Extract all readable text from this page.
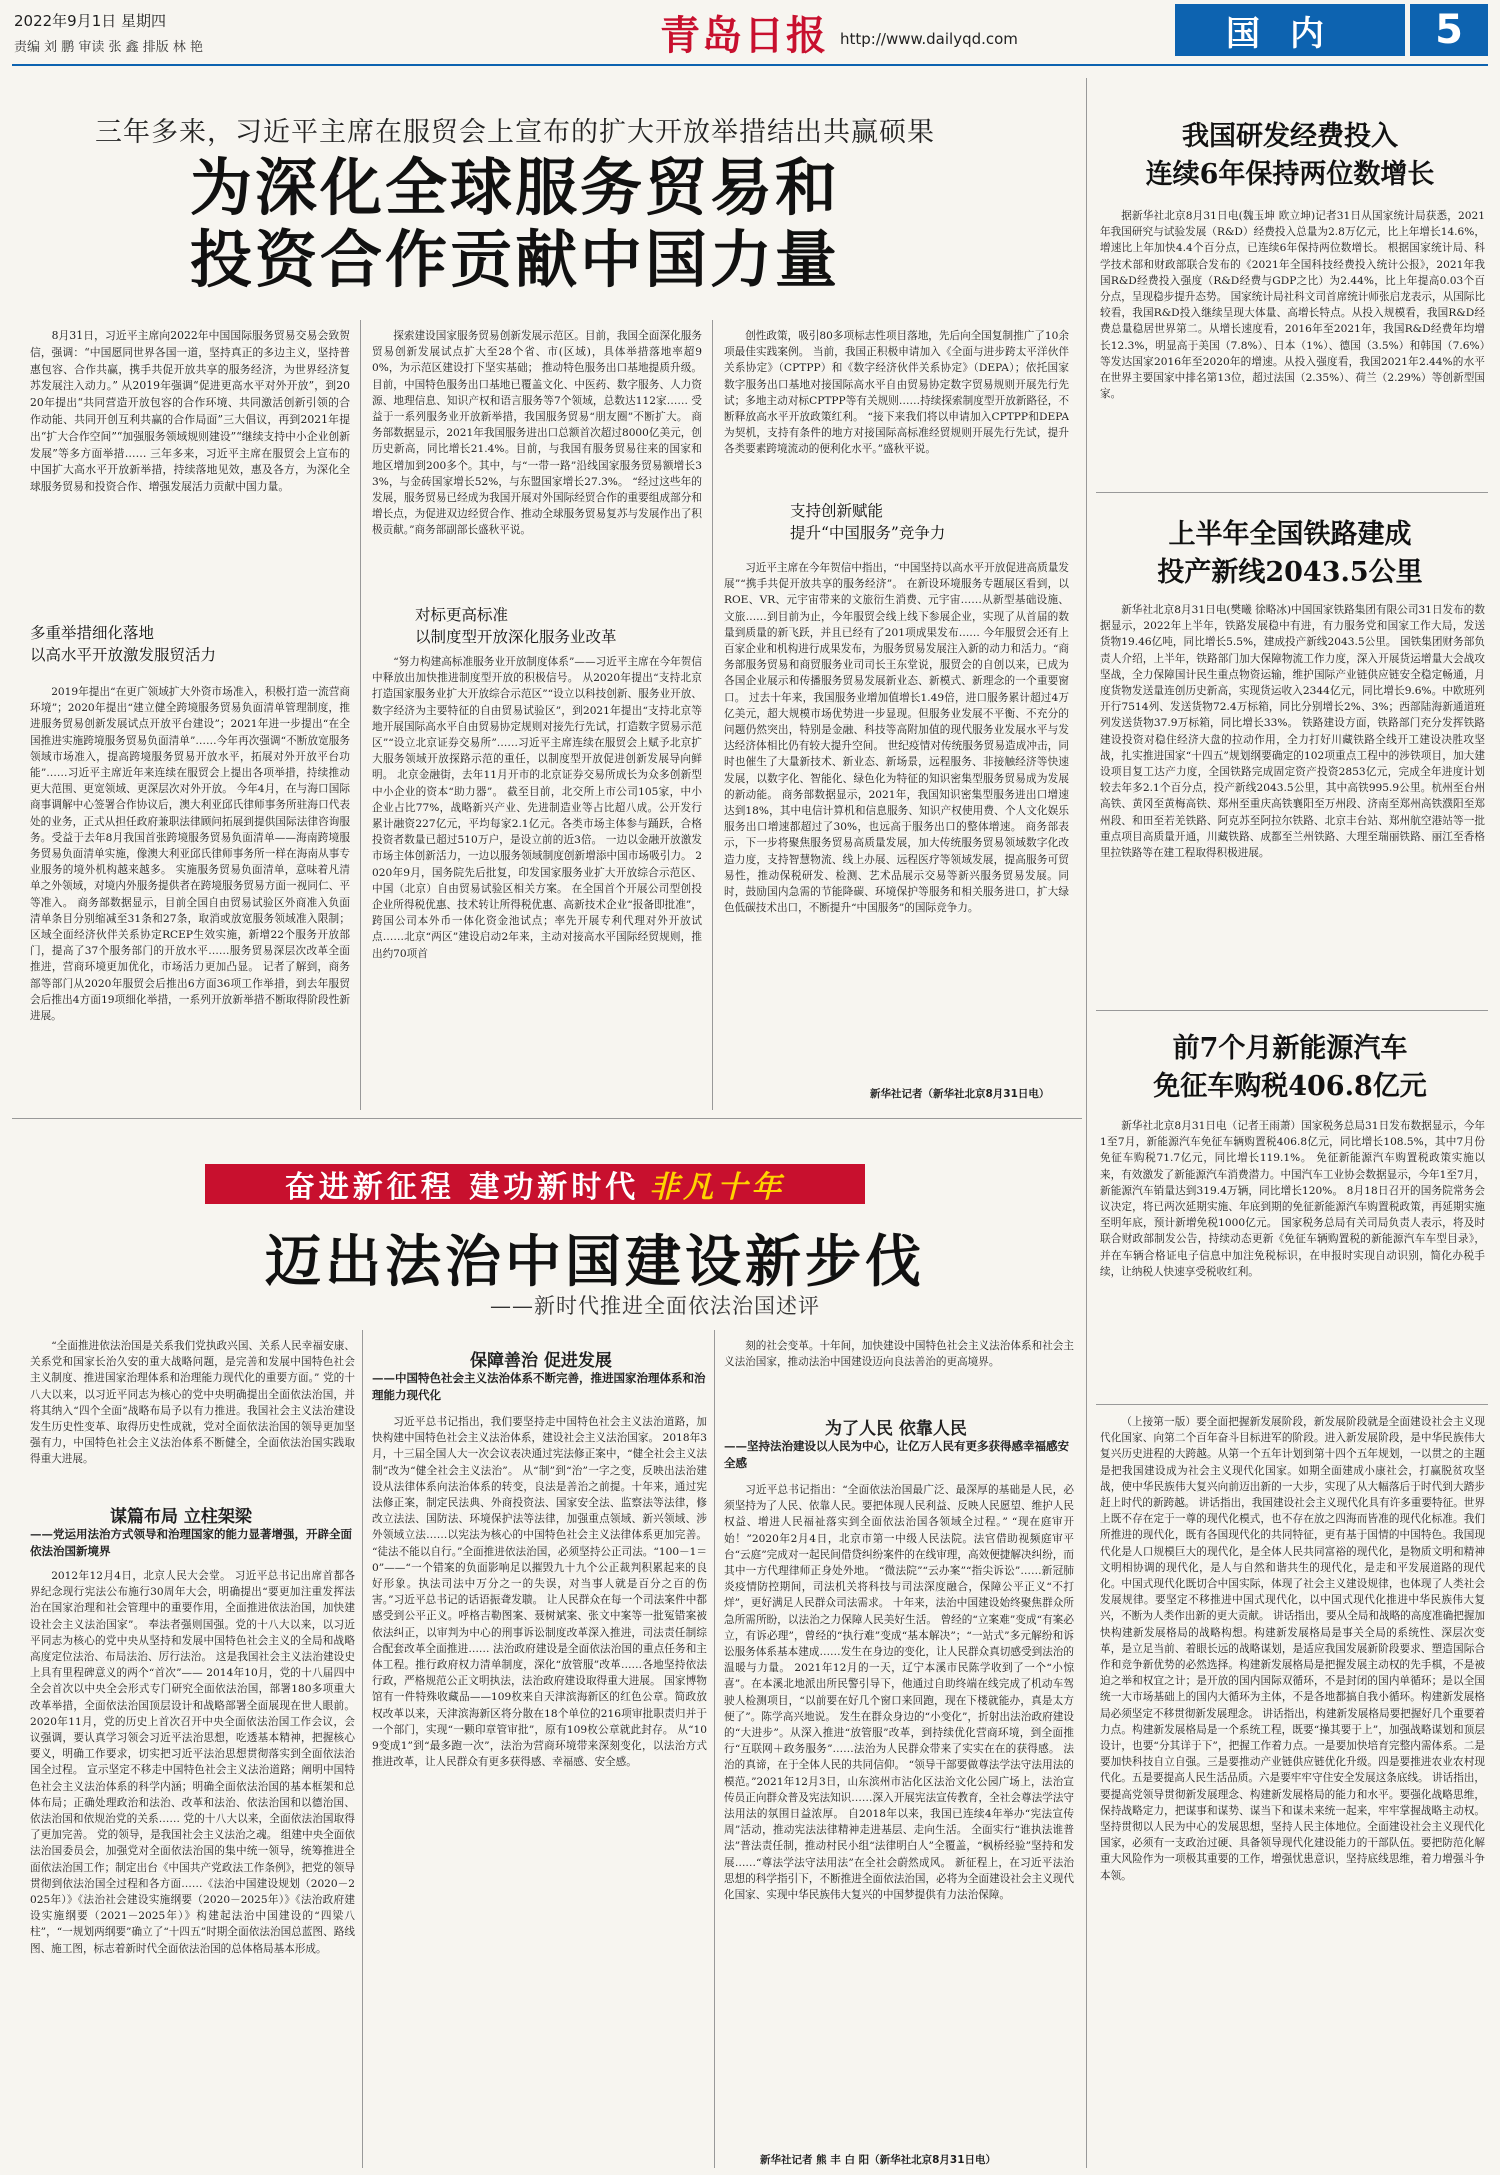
2022年9月1日 星期四
责编 刘 鹏 审读 张 鑫 排版 林 艳	青岛日报 http://www.dailyqd.com	国内	5
三年多来，习近平主席在服贸会上宣布的扩大开放举措结出共赢硕果
为深化全球服务贸易和
投资合作贡献中国力量

8月31日，习近平主席向2022年中国国际服务贸易交易会致贺信，强调：“中国愿同世界各国一道，坚持真正的多边主义，坚持普惠包容、合作共赢，携手共促开放共享的服务经济，为世界经济复苏发展注入动力。” 从2019年强调“促进更高水平对外开放”，到2020年提出“共同营造开放包容的合作环境、共同激活创新引领的合作动能、共同开创互利共赢的合作局面”三大倡议，再到2021年提出“扩大合作空间”“加强服务领域规则建设”“继续支持中小企业创新发展”等多方面举措…… 三年多来，习近平主席在服贸会上宣布的中国扩大高水平开放新举措，持续落地见效，惠及各方，为深化全球服务贸易和投资合作、增强发展活力贡献中国力量。

多重举措细化落地
以高水平开放激发服贸活力

2019年提出“在更广领域扩大外资市场准入，积极打造一流营商环境”；2020年提出“建立健全跨境服务贸易负面清单管理制度，推进服务贸易创新发展试点开放平台建设”；2021年进一步提出“在全国推进实施跨境服务贸易负面清单”……今年再次强调“不断放宽服务领域市场准入，提高跨境服务贸易开放水平，拓展对外开放平台功能”……习近平主席近年来连续在服贸会上提出各项举措，持续推动更大范围、更宽领域、更深层次对外开放。 今年4月，在与海口国际商事调解中心签署合作协议后，澳大利亚邱氏律师事务所驻海口代表处的业务，正式从担任政府兼职法律顾问拓展到提供国际法律咨询服务。受益于去年8月我国首张跨境服务贸易负面清单——海南跨境服务贸易负面清单实施，像澳大利亚邱氏律师事务所一样在海南从事专业服务的境外机构越来越多。 实施服务贸易负面清单，意味着凡清单之外领域，对境内外服务提供者在跨境服务贸易方面一视同仁、平等准入。 商务部数据显示，目前全国自由贸易试验区外商准入负面清单条目分别缩减至31条和27条，取消或放宽服务领域准入限制；区域全面经济伙伴关系协定RCEP生效实施，新增22个服务开放部门，提高了37个服务部门的开放水平……服务贸易深层次改革全面推进，营商环境更加优化，市场活力更加凸显。 记者了解到，商务部等部门从2020年服贸会后推出6方面36项工作举措，到去年服贸会后推出4方面19项细化举措，一系列开放新举措不断取得阶段性新进展。

探索建设国家服务贸易创新发展示范区。目前，我国全面深化服务贸易创新发展试点扩大至28个省、市(区域)，具体举措落地率超90%，为示范区建设打下坚实基础； 推动特色服务出口基地提质升级。目前，中国特色服务出口基地已覆盖文化、中医药、数字服务、人力资源、地理信息、知识产权和语言服务等7个领域，总数达112家…… 受益于一系列服务业开放新举措，我国服务贸易“朋友圈”不断扩大。 商务部数据显示，2021年我国服务进出口总额首次超过8000亿美元，创历史新高，同比增长21.4%。目前，与我国有服务贸易往来的国家和地区增加到200多个。其中，与“一带一路”沿线国家服务贸易额增长33%，与金砖国家增长52%，与东盟国家增长27.3%。 “经过这些年的发展，服务贸易已经成为我国开展对外国际经贸合作的重要组成部分和增长点，为促进双边经贸合作、推动全球服务贸易复苏与发展作出了积极贡献。”商务部副部长盛秋平说。

对标更高标准
以制度型开放深化服务业改革

“努力构建高标准服务业开放制度体系”——习近平主席在今年贺信中释放出加快推进制度型开放的积极信号。 从2020年提出“支持北京打造国家服务业扩大开放综合示范区”“设立以科技创新、服务业开放、数字经济为主要特征的自由贸易试验区”，到2021年提出“支持北京等地开展国际高水平自由贸易协定规则对接先行先试，打造数字贸易示范区”“设立北京证券交易所”……习近平主席连续在服贸会上赋予北京扩大服务领域开放探路示范的重任，以制度型开放促进创新发展导向鲜明。 北京金融街，去年11月开市的北京证券交易所成长为众多创新型中小企业的资本“助力器”。 截至目前，北交所上市公司105家，中小企业占比77%，战略新兴产业、先进制造业等占比超八成。公开发行累计融资227亿元，平均每家2.1亿元。各类市场主体参与踊跃，合格投资者数量已超过510万户，是设立前的近3倍。 一边以金融开放激发市场主体创新活力，一边以服务领域制度创新增添中国市场吸引力。 2020年9月，国务院先后批复，印发国家服务业扩大开放综合示范区、中国（北京）自由贸易试验区相关方案。 在全国首个开展公司型创投企业所得税优惠、技术转让所得税优惠、高新技术企业“报备即批准”，跨国公司本外币一体化资金池试点；率先开展专利代理对外开放试点……北京“两区”建设启动2年来，主动对接高水平国际经贸规则，推出约70项首

创性政策，吸引80多项标志性项目落地，先后向全国复制推广了10余项最佳实践案例。 当前，我国正积极申请加入《全面与进步跨太平洋伙伴关系协定》（CPTPP）和《数字经济伙伴关系协定》（DEPA）；依托国家数字服务出口基地对接国际高水平自由贸易协定数字贸易规则开展先行先试；多地主动对标CPTPP等有关规则……持续探索制度型开放新路径，不断释放高水平开放政策红利。 “接下来我们将以申请加入CPTPP和DEPA为契机，支持有条件的地方对接国际高标准经贸规则开展先行先试，提升各类要素跨境流动的便利化水平。”盛秋平说。

支持创新赋能
提升“中国服务”竞争力

习近平主席在今年贺信中指出，“中国坚持以高水平开放促进高质量发展”“携手共促开放共享的服务经济”。 在新设环境服务专题展区看到，以ROE、VR、元宇宙带来的文旅衍生消费、元宇宙……从新型基础设施、文旅……到目前为止，今年服贸会线上线下参展企业，实现了从首届的数量到质量的新飞跃，并且已经有了201项成果发布…… 今年服贸会还有上百家企业和机构进行成果发布，为服务贸易发展注入新的动力和活力。“商务部服务贸易和商贸服务业司司长王东堂说，服贸会的自创以来，已成为各国企业展示和传播服务贸易发展新业态、新模式、新理念的一个重要窗口。 过去十年来，我国服务业增加值增长1.49倍，进口服务累计超过4万亿美元，超大规模市场优势进一步显现。但服务业发展不平衡、不充分的问题仍然突出，特别是金融、科技等高附加值的现代服务业发展水平与发达经济体相比仍有较大提升空间。 世纪疫情对传统服务贸易造成冲击，同时也催生了大量新技术、新业态、新场景，远程服务、非接触经济等快速发展，以数字化、智能化、绿色化为特征的知识密集型服务贸易成为发展的新动能。 商务部数据显示，2021年，我国知识密集型服务进出口增速达到18%，其中电信计算机和信息服务、知识产权使用费、个人文化娱乐服务出口增速都超过了30%，也远高于服务出口的整体增速。 商务部表示，下一步将聚焦服务贸易高质量发展，加大传统服务贸易领域数字化改造力度，支持智慧物流、线上办展、远程医疗等领域发展，提高服务可贸易性，推动保税研发、检测、艺术品展示交易等新兴服务贸易发展。同时，鼓励国内急需的节能降碳、环境保护等服务和相关服务进口，扩大绿色低碳技术出口，不断提升“中国服务”的国际竞争力。

新华社记者（新华社北京8月31日电）
我国研发经费投入
连续6年保持两位数增长

据新华社北京8月31日电(魏玉坤 欧立坤)记者31日从国家统计局获悉，2021年我国研究与试验发展（R&D）经费投入总量为2.8万亿元，比上年增长14.6%，增速比上年加快4.4个百分点，已连续6年保持两位数增长。 根据国家统计局、科学技术部和财政部联合发布的《2021年全国科技经费投入统计公报》，2021年我国R&D经费投入强度（R&D经费与GDP之比）为2.44%，比上年提高0.03个百分点，呈现稳步提升态势。 国家统计局社科文司首席统计师张启龙表示，从国际比较看，我国R&D投入继续呈现大体量、高增长特点。从投入规模看，我国R&D经费总量稳居世界第二。从增长速度看，2016年至2021年，我国R&D经费年均增长12.3%，明显高于美国（7.8%）、日本（1%）、德国（3.5%）和韩国（7.6%）等发达国家2016年至2020年的增速。从投入强度看，我国2021年2.44%的水平在世界主要国家中排名第13位，超过法国（2.35%）、荷兰（2.29%）等创新型国家。

上半年全国铁路建成
投产新线2043.5公里

新华社北京8月31日电(樊曦 徐略冰)中国国家铁路集团有限公司31日发布的数据显示，2022年上半年，铁路发展稳中有进，有力服务党和国家工作大局，发送货物19.46亿吨，同比增长5.5%，建成投产新线2043.5公里。 国铁集团财务部负责人介绍，上半年，铁路部门加大保障物流工作力度，深入开展货运增量大会战攻坚战，全力保障国计民生重点物资运输，维护国际产业链供应链安全稳定畅通，月度货物发送量连创历史新高，实现货运收入2344亿元，同比增长9.6%。中欧班列开行7514列、发送货物72.4万标箱，同比分别增长2%、3%；西部陆海新通道班列发送货物37.9万标箱，同比增长33%。 铁路建设方面，铁路部门充分发挥铁路建设投资对稳住经济大盘的拉动作用，全力打好川藏铁路全线开工建设决胜攻坚战，扎实推进国家“十四五”规划纲要确定的102项重点工程中的涉铁项目，加大建设项目复工达产力度，全国铁路完成固定资产投资2853亿元，完成全年进度计划较去年多2.1个百分点，投产新线2043.5公里，其中高铁995.9公里。杭州至台州高铁、黄冈至黄梅高铁、郑州至重庆高铁襄阳至万州段、济南至郑州高铁濮阳至郑州段、和田至若羌铁路、阿克苏至阿拉尔铁路、北京丰台站、郑州航空港站等一批重点项目高质量开通，川藏铁路、成都至兰州铁路、大理至瑞丽铁路、丽江至香格里拉铁路等在建工程取得积极进展。

前7个月新能源汽车
免征车购税406.8亿元

新华社北京8月31日电（记者王雨萧）国家税务总局31日发布数据显示，今年1至7月，新能源汽车免征车辆购置税406.8亿元，同比增长108.5%，其中7月份免征车购税71.7亿元，同比增长119.1%。 免征新能源汽车购置税政策实施以来，有效激发了新能源汽车消费潜力。中国汽车工业协会数据显示，今年1至7月，新能源汽车销量达到319.4万辆，同比增长120%。 8月18日召开的国务院常务会议决定，将已两次延期实施、年底到期的免征新能源汽车购置税政策，再延期实施至明年底，预计新增免税1000亿元。 国家税务总局有关司局负责人表示，将及时联合财政部制发公告，持续动态更新《免征车辆购置税的新能源汽车车型目录》，并在车辆合格证电子信息中加注免税标识，在申报时实现自动识别，简化办税手续，让纳税人快速享受税收红利。

（上接第一版）要全面把握新发展阶段，新发展阶段就是全面建设社会主义现代化国家、向第二个百年奋斗目标进军的阶段。进入新发展阶段，是中华民族伟大复兴历史进程的大跨越。从第一个五年计划到第十四个五年规划，一以贯之的主题是把我国建设成为社会主义现代化国家。如期全面建成小康社会，打赢脱贫攻坚战，使中华民族伟大复兴向前迈出新的一大步，实现了从大幅落后于时代到大踏步赶上时代的新跨越。 讲话指出，我国建设社会主义现代化具有许多重要特征。世界上既不存在定于一尊的现代化模式，也不存在放之四海而皆准的现代化标准。我们所推进的现代化，既有各国现代化的共同特征，更有基于国情的中国特色。我国现代化是人口规模巨大的现代化，是全体人民共同富裕的现代化，是物质文明和精神文明相协调的现代化，是人与自然和谐共生的现代化，是走和平发展道路的现代化。中国式现代化既切合中国实际，体现了社会主义建设规律，也体现了人类社会发展规律。要坚定不移推进中国式现代化，以中国式现代化推进中华民族伟大复兴，不断为人类作出新的更大贡献。 讲话指出，要从全局和战略的高度准确把握加快构建新发展格局的战略构想。构建新发展格局是事关全局的系统性、深层次变革，是立足当前、着眼长远的战略谋划，是适应我国发展新阶段要求、塑造国际合作和竞争新优势的必然选择。构建新发展格局是把握发展主动权的先手棋，不是被迫之举和权宜之计；是开放的国内国际双循环，不是封闭的国内单循环；是以全国统一大市场基础上的国内大循环为主体，不是各地都搞自我小循环。构建新发展格局必须坚定不移贯彻新发展理念。 讲话指出，构建新发展格局要把握好几个重要着力点。构建新发展格局是一个系统工程，既要“操其要于上”，加强战略谋划和顶层设计，也要“分其详于下”，把握工作着力点。一是要加快培育完整内需体系。二是要加快科技自立自强。三是要推动产业链供应链优化升级。四是要推进农业农村现代化。五是要提高人民生活品质。六是要牢牢守住安全发展这条底线。 讲话指出，要提高党领导贯彻新发展理念、构建新发展格局的能力和水平。要强化战略思维，保持战略定力，把谋事和谋势、谋当下和谋未来统一起来，牢牢掌握战略主动权。坚持贯彻以人民为中心的发展思想，坚持人民主体地位。全面建设社会主义现代化国家，必须有一支政治过硬、具备领导现代化建设能力的干部队伍。要把防范化解重大风险作为一项极其重要的工作，增强忧患意识，坚持底线思维，着力增强斗争本领。

奋进新征程 建功新时代 非凡十年
迈出法治中国建设新步伐
——新时代推进全面依法治国述评

“全面推进依法治国是关系我们党执政兴国、关系人民幸福安康、关系党和国家长治久安的重大战略问题，是完善和发展中国特色社会主义制度、推进国家治理体系和治理能力现代化的重要方面。” 党的十八大以来，以习近平同志为核心的党中央明确提出全面依法治国，并将其纳入“四个全面”战略布局予以有力推进。我国社会主义法治建设发生历史性变革、取得历史性成就，党对全面依法治国的领导更加坚强有力，中国特色社会主义法治体系不断健全，全面依法治国实践取得重大进展。

谋篇布局 立柱架梁
——党运用法治方式领导和治理国家的能力显著增强，开辟全面依法治国新境界

2012年12月4日，北京人民大会堂。 习近平总书记出席首都各界纪念现行宪法公布施行30周年大会，明确提出“要更加注重发挥法治在国家治理和社会管理中的重要作用，全面推进依法治国，加快建设社会主义法治国家”。 奉法者强则国强。党的十八大以来，以习近平同志为核心的党中央从坚持和发展中国特色社会主义的全局和战略高度定位法治、布局法治、厉行法治。 这是我国社会主义法治建设史上具有里程碑意义的两个“首次”—— 2014年10月，党的十八届四中全会首次以中央全会形式专门研究全面依法治国，部署180多项重大改革举措，全面依法治国顶层设计和战略部署全面展现在世人眼前。 2020年11月，党的历史上首次召开中央全面依法治国工作会议，会议强调，要认真学习领会习近平法治思想，吃透基本精神，把握核心要义，明确工作要求，切实把习近平法治思想贯彻落实到全面依法治国全过程。 宣示坚定不移走中国特色社会主义法治道路；阐明中国特色社会主义法治体系的科学内涵；明确全面依法治国的基本框架和总体布局；正确处理政治和法治、改革和法治、依法治国和以德治国、依法治国和依规治党的关系…… 党的十八大以来，全面依法治国取得了更加完善。 党的领导，是我国社会主义法治之魂。 组建中央全面依法治国委员会，加强党对全面依法治国的集中统一领导，统筹推进全面依法治国工作；制定出台《中国共产党政法工作条例》，把党的领导贯彻到依法治国全过程和各方面……《法治中国建设规划（2020－2025年）》《法治社会建设实施纲要（2020－2025年）》《法治政府建设实施纲要（2021－2025年）》构建起法治中国建设的“四梁八柱”，“一规划两纲要”确立了“十四五”时期全面依法治国总蓝图、路线图、施工图，标志着新时代全面依法治国的总体格局基本形成。

保障善治 促进发展
——中国特色社会主义法治体系不断完善，推进国家治理体系和治理能力现代化

习近平总书记指出，我们要坚持走中国特色社会主义法治道路，加快构建中国特色社会主义法治体系，建设社会主义法治国家。 2018年3月，十三届全国人大一次会议表决通过宪法修正案中，“健全社会主义法制”改为“健全社会主义法治”。 从“制”到“治”一字之变，反映出法治建设从法律体系向法治体系的转变，良法是善治之前提。十年来，通过宪法修正案，制定民法典、外商投资法、国家安全法、监察法等法律，修改立法法、国防法、环境保护法等法律，加强重点领域、新兴领域、涉外领域立法……以宪法为核心的中国特色社会主义法律体系更加完善。 “徒法不能以自行。”全面推进依法治国，必须坚持公正司法。“100－1＝0”——“一个错案的负面影响足以摧毁九十九个公正裁判积累起来的良好形象。执法司法中万分之一的失误，对当事人就是百分之百的伤害。”习近平总书记的话语振聋发聩。 让人民群众在每一个司法案件中都感受到公平正义。呼格吉勒图案、聂树斌案、张文中案等一批冤错案被依法纠正，以审判为中心的刑事诉讼制度改革深入推进，司法责任制综合配套改革全面推进…… 法治政府建设是全面依法治国的重点任务和主体工程。推行政府权力清单制度，深化“放管服”改革……各地坚持依法行政，严格规范公正文明执法，法治政府建设取得重大进展。 国家博物馆有一件特殊收藏品——109枚来自天津滨海新区的红色公章。简政放权改革以来，天津滨海新区将分散在18个单位的216项审批职责归并于一个部门，实现“一颗印章管审批”，原有109枚公章就此封存。 从“109变成1”到“最多跑一次”，法治为营商环境带来深刻变化，以法治方式推进改革，让人民群众有更多获得感、幸福感、安全感。

刻的社会变革。十年间，加快建设中国特色社会主义法治体系和社会主义法治国家，推动法治中国建设迈向良法善治的更高境界。

为了人民 依靠人民
——坚持法治建设以人民为中心，让亿万人民有更多获得感幸福感安全感

习近平总书记指出：“全面依法治国最广泛、最深厚的基础是人民，必须坚持为了人民、依靠人民。要把体现人民利益、反映人民愿望、维护人民权益、增进人民福祉落实到全面依法治国各领域全过程。” “现在庭审开始！”2020年2月4日，北京市第一中级人民法院。法官借助视频庭审平台“云庭”完成对一起民间借贷纠纷案件的在线审理，高效便捷解决纠纷，而其中一方代理律师正身处外地。 “微法院”“云办案”“指尖诉讼”……新冠肺炎疫情防控期间，司法机关将科技与司法深度融合，保障公平正义“不打烊”，更好满足人民群众司法需求。 十年来，法治中国建设始终聚焦群众所急所需所盼，以法治之力保障人民美好生活。 曾经的“立案难”变成“有案必立，有诉必理”，曾经的“执行难”变成“基本解决”；“一站式”多元解纷和诉讼服务体系基本建成……发生在身边的变化，让人民群众真切感受到法治的温暖与力量。 2021年12月的一天，辽宁本溪市民陈学收到了一个“小惊喜”。在本溪北地派出所民警引导下，他通过自助终端在线完成了机动车驾驶人检测项目，“以前要在好几个窗口来回跑，现在下楼就能办，真是太方便了”。陈学高兴地说。 发生在群众身边的“小变化”，折射出法治政府建设的“大进步”。从深入推进“放管服”改革，到持续优化营商环境，到全面推行“互联网＋政务服务”……法治为人民群众带来了实实在在的获得感。 法治的真谛，在于全体人民的共同信仰。 “领导干部要做尊法学法守法用法的模范。”2021年12月3日，山东滨州市沾化区法治文化公园广场上，法治宣传员正向群众普及宪法知识……深入开展宪法宣传教育，全社会尊法学法守法用法的氛围日益浓厚。 自2018年以来，我国已连续4年举办“宪法宣传周”活动，推动宪法法律精神走进基层、走向生活。 全面实行“谁执法谁普法”普法责任制，推动村民小组“法律明白人”全覆盖，“枫桥经验”坚持和发展……“尊法学法守法用法”在全社会蔚然成风。 新征程上，在习近平法治思想的科学指引下，不断推进全面依法治国，必将为全面建设社会主义现代化国家、实现中华民族伟大复兴的中国梦提供有力法治保障。

新华社记者 熊 丰 白 阳（新华社北京8月31日电）
